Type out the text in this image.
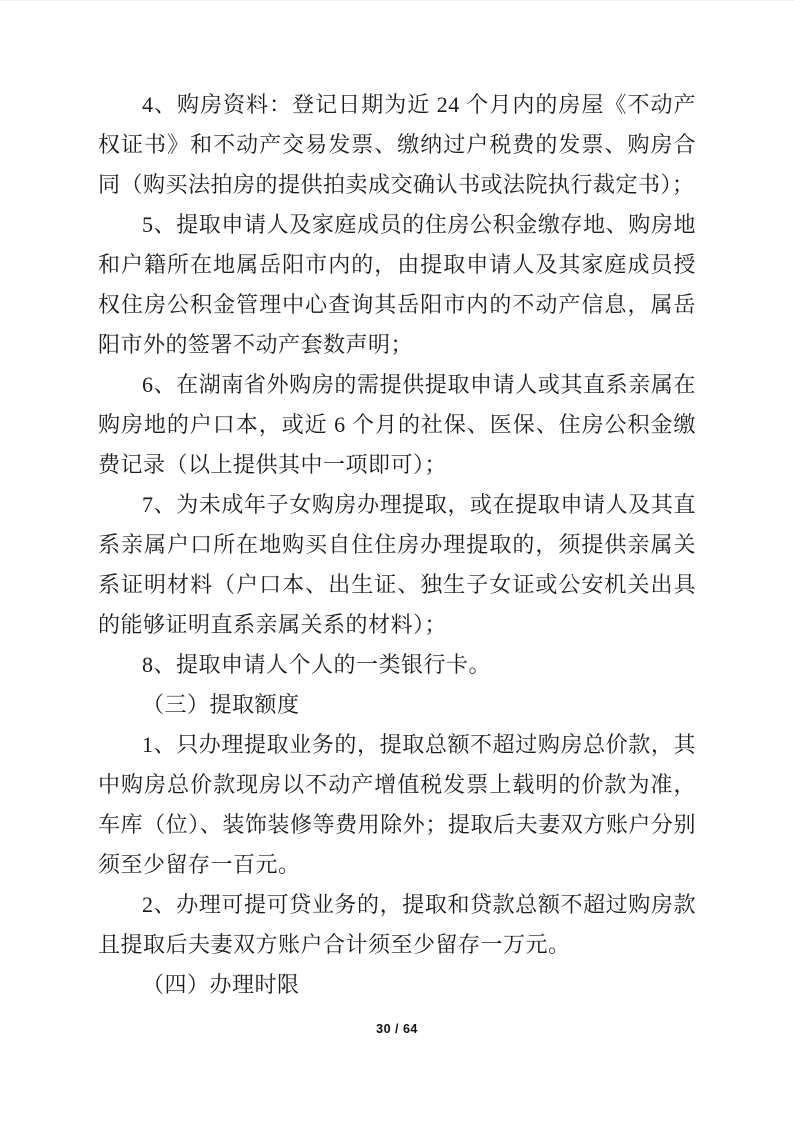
4、购房资料：登记日期为近 24 个月内的房屋《不动产权证书》和不动产交易发票、缴纳过户税费的发票、购房合同（购买法拍房的提供拍卖成交确认书或法院执行裁定书）；

5、提取申请人及家庭成员的住房公积金缴存地、购房地和户籍所在地属岳阳市内的，由提取申请人及其家庭成员授权住房公积金管理中心查询其岳阳市内的不动产信息，属岳阳市外的签署不动产套数声明；

6、在湖南省外购房的需提供提取申请人或其直系亲属在购房地的户口本，或近 6 个月的社保、医保、住房公积金缴费记录（以上提供其中一项即可）；

7、为未成年子女购房办理提取，或在提取申请人及其直系亲属户口所在地购买自住住房办理提取的，须提供亲属关系证明材料（户口本、出生证、独生子女证或公安机关出具的能够证明直系亲属关系的材料）；

8、提取申请人个人的一类银行卡。

（三）提取额度

1、只办理提取业务的，提取总额不超过购房总价款，其中购房总价款现房以不动产增值税发票上载明的价款为准，车库（位）、装饰装修等费用除外；提取后夫妻双方账户分别须至少留存一百元。

2、办理可提可贷业务的，提取和贷款总额不超过购房款且提取后夫妻双方账户合计须至少留存一万元。

（四）办理时限

30 / 64
